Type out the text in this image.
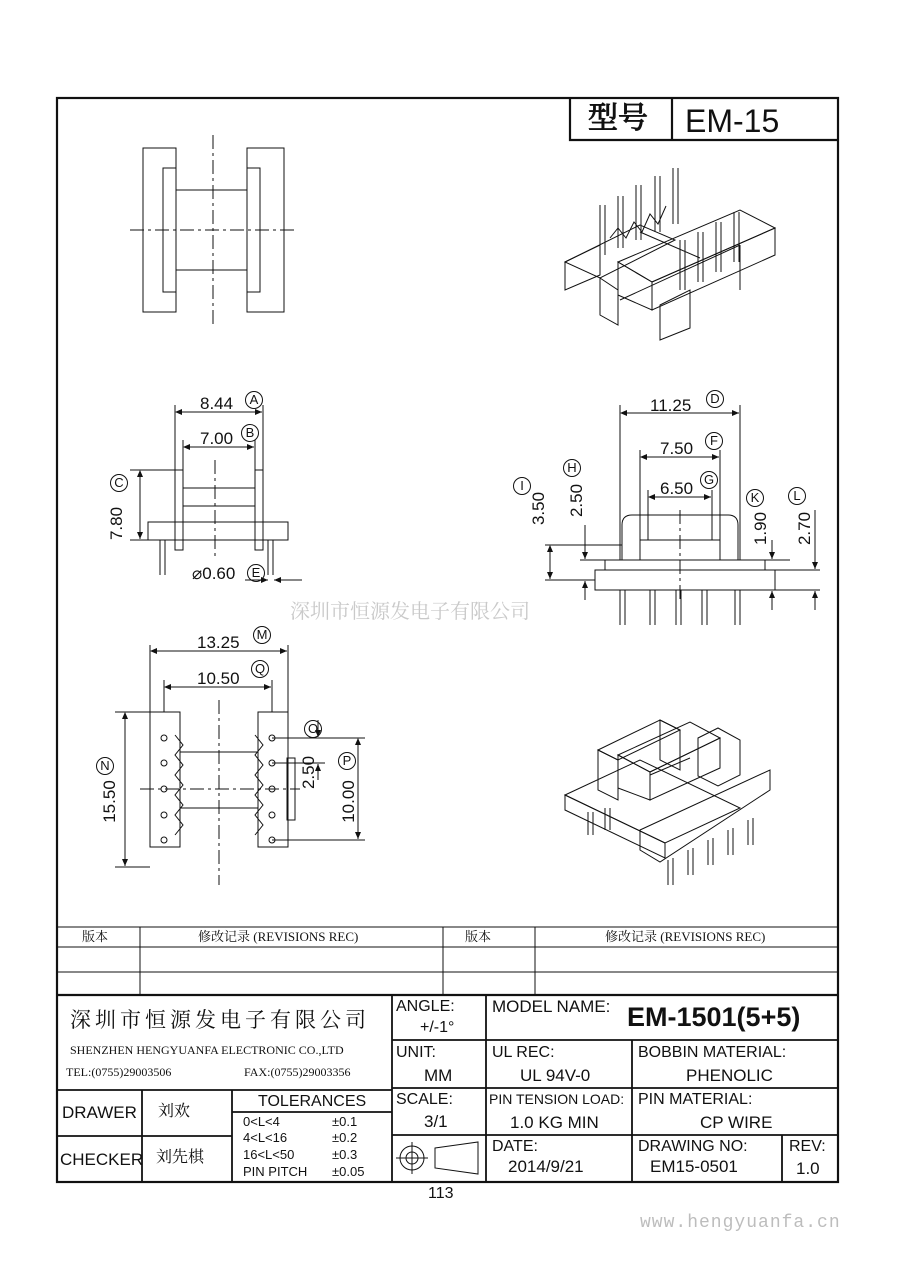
型号 EM-15
8.44	A
7.00 B
C
7.80
⌀0.60	E
11.25	D
7.50	F
6.50 G
I
3.50
H
2.50	K
1.90
L
2.70
13.25 M
10.50
Q
N
15.50
O
2.50	P
10.00
深圳市恒源发电子有限公司
版本	修改记录 (REVISIONS REC)	版本	修改记录 (REVISIONS REC)
深圳市恒源发电子有限公司
SHENZHEN HENGYUANFA ELECTRONIC CO.,LTD
TEL:(0755)29003506	FAX:(0755)29003356
DRAWER 刘欢
CHECKER 刘先棋
TOLERANCES
0<L<4	±0.1
4<L<16	±0.2
16<L<50	±0.3
PIN PITCH ±0.05
ANGLE:
+/-1°
UNIT:
MM
SCALE:
3/1
MODEL NAME: EM-1501(5+5)
UL REC:
UL 94V-0
BOBBIN MATERIAL:
PHENOLIC
PIN TENSION LOAD:
1.0 KG MIN
PIN MATERIAL:
CP WIRE
DATE:
2014/9/21
DRAWING NO:
EM15-0501
REV:
1.0
113
www.hengyuanfa.cn
